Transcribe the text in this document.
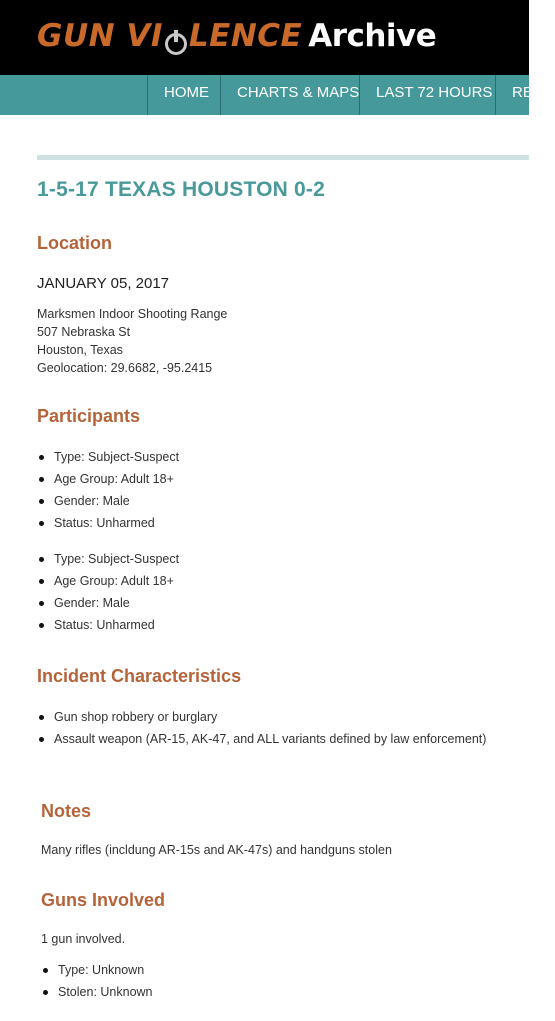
GUN VI LENCE Archive
HOME	CHARTS & MAPS	LAST 72 HOURS	RE
1-5-17 TEXAS HOUSTON 0-2
Location
JANUARY 05, 2017
Marksmen Indoor Shooting Range
507 Nebraska St
Houston, Texas
Geolocation: 29.6682, -95.2415
Participants
Type: Subject-Suspect
Age Group: Adult 18+
Gender: Male
Status: Unharmed
Type: Subject-Suspect
Age Group: Adult 18+
Gender: Male
Status: Unharmed
Incident Characteristics
Gun shop robbery or burglary
Assault weapon (AR-15, AK-47, and ALL variants defined by law enforcement)
Notes
Many rifles (incldung AR-15s and AK-47s) and handguns stolen
Guns Involved
1 gun involved.
Type: Unknown
Stolen: Unknown
